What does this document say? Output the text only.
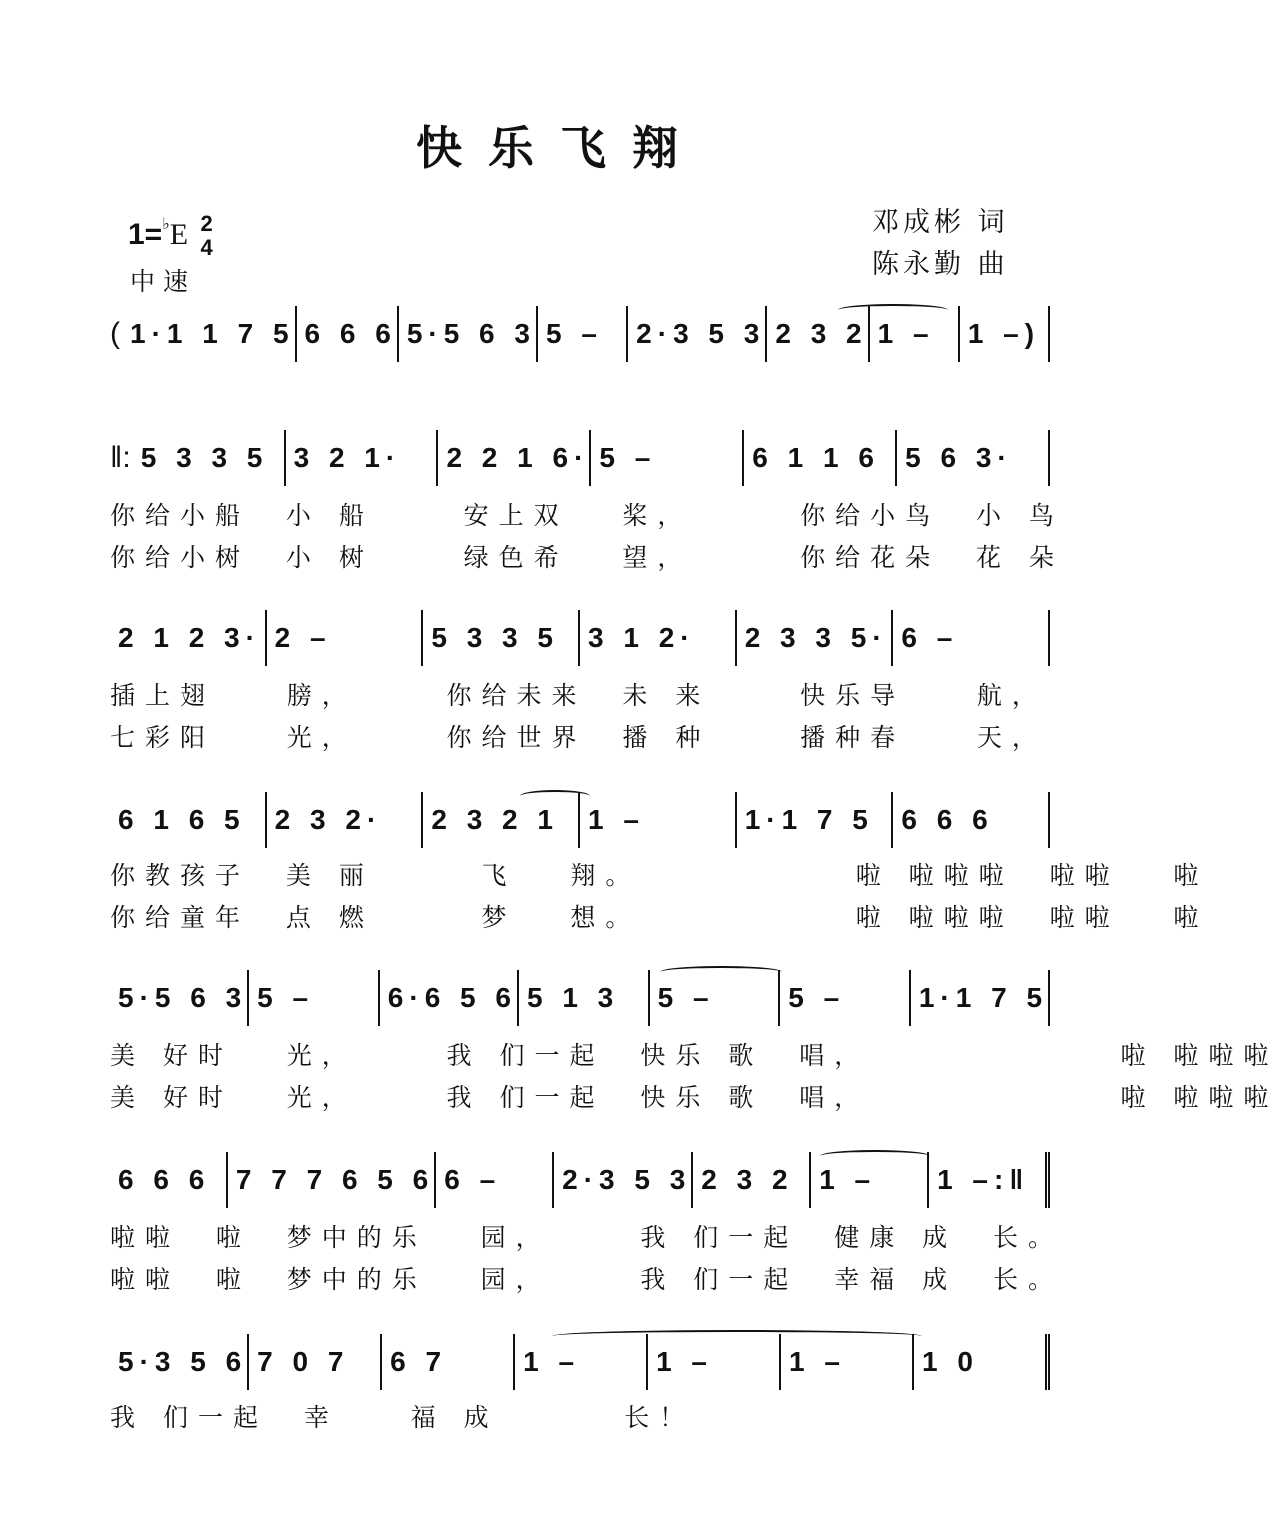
快乐飞翔
1=♭E 2
4
中速
邓成彬 词
陈永勤 曲
( 1·1 1 7 5 6 6 6 5·5 6 3 5 –	2·3 5 3 2 3 2 1 –	1 –)
‖: 5 3 3 5 3 2 1·	2 2 1 6· 5 –	6 1 1 6 5 6 3·
你给小船  小 船     安上双   桨，      你给小鸟  小 鸟
你给小树  小 树     绿色希   望，      你给花朵  花 朵
2 1 2 3· 2 –	5 3 3 5	3 1 2·	2 3 3 5· 6 –
插上翅    膀，     你给未来  未 来     快乐导    航，
七彩阳    光，     你给世界  播 种     播种春    天，
6 1 6 5	2 3 2·	2 3 2 1	1 –	1·1 7 5 6 6 6
你教孩子  美 丽      飞   翔。            啦 啦啦啦  啦啦   啦
你给童年  点 燃      梦   想。            啦 啦啦啦  啦啦   啦
5·5 6 3 5 –	6·6 5 6 5 1 3	5 –	5 –	1·1 7 5
美 好时   光，     我 们一起  快乐 歌  唱，              啦 啦啦啦
美 好时   光，     我 们一起  快乐 歌  唱，              啦 啦啦啦
6 6 6 7 7 7 6 5 6 6 –	2·3 5 3 2 3 2 1 –	1 –:‖
啦啦  啦  梦中的乐   园，     我 们一起  健康 成  长。
啦啦  啦  梦中的乐   园，     我 们一起  幸福 成  长。
5·3 5 6 7 0 7	6 7	1 –	1 –	1 –	1 0
我 们一起  幸    福 成       长！
